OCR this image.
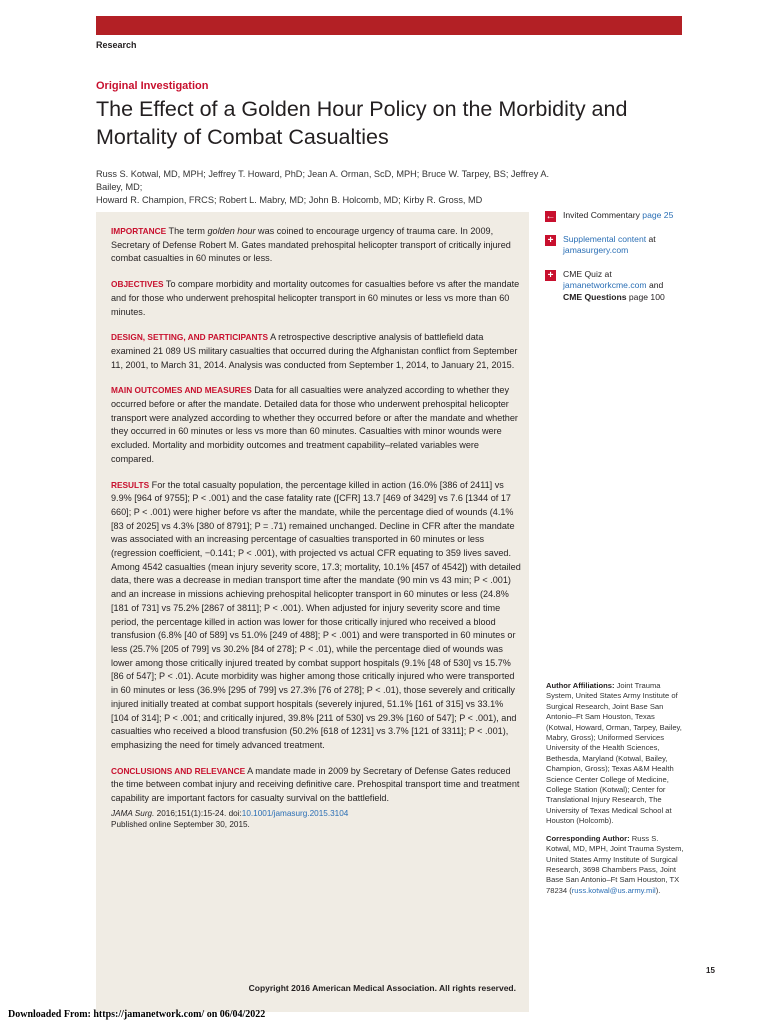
Research
Original Investigation
The Effect of a Golden Hour Policy on the Morbidity and Mortality of Combat Casualties
Russ S. Kotwal, MD, MPH; Jeffrey T. Howard, PhD; Jean A. Orman, ScD, MPH; Bruce W. Tarpey, BS; Jeffrey A. Bailey, MD;
Howard R. Champion, FRCS; Robert L. Mabry, MD; John B. Holcomb, MD; Kirby R. Gross, MD

IMPORTANCE The term golden hour was coined to encourage urgency of trauma care. In 2009, Secretary of Defense Robert M. Gates mandated prehospital helicopter transport of critically injured combat casualties in 60 minutes or less.

OBJECTIVES To compare morbidity and mortality outcomes for casualties before vs after the mandate and for those who underwent prehospital helicopter transport in 60 minutes or less vs more than 60 minutes.

DESIGN, SETTING, AND PARTICIPANTS A retrospective descriptive analysis of battlefield data examined 21 089 US military casualties that occurred during the Afghanistan conflict from September 11, 2001, to March 31, 2014. Analysis was conducted from September 1, 2014, to January 21, 2015.

MAIN OUTCOMES AND MEASURES Data for all casualties were analyzed according to whether they occurred before or after the mandate. Detailed data for those who underwent prehospital helicopter transport were analyzed according to whether they occurred before or after the mandate and whether they occurred in 60 minutes or less vs more than 60 minutes. Casualties with minor wounds were excluded. Mortality and morbidity outcomes and treatment capability–related variables were compared.

RESULTS For the total casualty population, the percentage killed in action (16.0% [386 of 2411] vs 9.9% [964 of 9755]; P < .001) and the case fatality rate ([CFR] 13.7 [469 of 3429] vs 7.6 [1344 of 17 660]; P < .001) were higher before vs after the mandate, while the percentage died of wounds (4.1% [83 of 2025] vs 4.3% [380 of 8791]; P = .71) remained unchanged. Decline in CFR after the mandate was associated with an increasing percentage of casualties transported in 60 minutes or less (regression coefficient, −0.141; P < .001), with projected vs actual CFR equating to 359 lives saved. Among 4542 casualties (mean injury severity score, 17.3; mortality, 10.1% [457 of 4542]) with detailed data, there was a decrease in median transport time after the mandate (90 min vs 43 min; P < .001) and an increase in missions achieving prehospital helicopter transport in 60 minutes or less (24.8% [181 of 731] vs 75.2% [2867 of 3811]; P < .001). When adjusted for injury severity score and time period, the percentage killed in action was lower for those critically injured who received a blood transfusion (6.8% [40 of 589] vs 51.0% [249 of 488]; P < .001) and were transported in 60 minutes or less (25.7% [205 of 799] vs 30.2% [84 of 278]; P < .01), while the percentage died of wounds was lower among those critically injured treated by combat support hospitals (9.1% [48 of 530] vs 15.7% [86 of 547]; P < .01). Acute morbidity was higher among those critically injured who were transported in 60 minutes or less (36.9% [295 of 799] vs 27.3% [76 of 278]; P < .01), those severely and critically injured initially treated at combat support hospitals (severely injured, 51.1% [161 of 315] vs 33.1% [104 of 314]; P < .001; and critically injured, 39.8% [211 of 530] vs 29.3% [160 of 547]; P < .001), and casualties who received a blood transfusion (50.2% [618 of 1231] vs 3.7% [121 of 3311]; P < .001), emphasizing the need for timely advanced treatment.

CONCLUSIONS AND RELEVANCE A mandate made in 2009 by Secretary of Defense Gates reduced the time between combat injury and receiving definitive care. Prehospital transport time and treatment capability are important factors for casualty survival on the battlefield.

JAMA Surg. 2016;151(1):15-24. doi:10.1001/jamasurg.2015.3104
Published online September 30, 2015.

← Invited Commentary page 25
+ Supplemental content at
jamasurgery.com
+ CME Quiz at
jamanetworkcme.com and
CME Questions page 100

Author Affiliations: Joint Trauma System, United States Army Institute of Surgical Research, Joint Base San Antonio–Ft Sam Houston, Texas (Kotwal, Howard, Orman, Tarpey, Bailey, Mabry, Gross); Uniformed Services University of the Health Sciences, Bethesda, Maryland (Kotwal, Bailey, Champion, Gross); Texas A&M Health Science Center College of Medicine, College Station (Kotwal); Center for Translational Injury Research, The University of Texas Medical School at Houston (Holcomb).

Corresponding Author: Russ S. Kotwal, MD, MPH, Joint Trauma System, United States Army Institute of Surgical Research, 3698 Chambers Pass, Joint Base San Antonio–Ft Sam Houston, TX 78234 (russ.kotwal@us.army.mil).

15
Copyright 2016 American Medical Association. All rights reserved.
Downloaded From: https://jamanetwork.com/ on 06/04/2022
